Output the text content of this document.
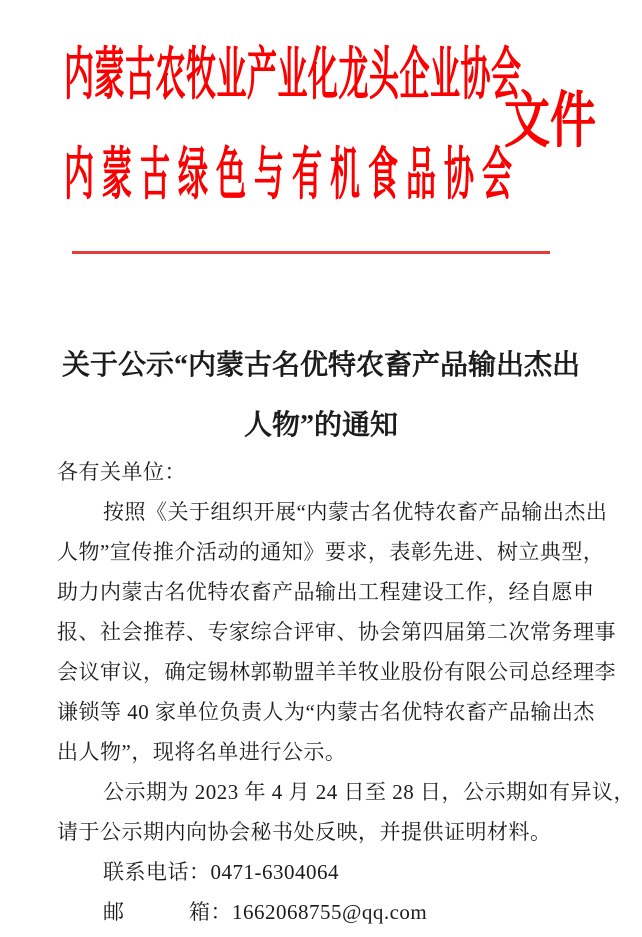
内蒙古农牧业产业化龙头企业协会
内蒙古绿色与有机食品协会
文件
关于公示“内蒙古名优特农畜产品输出杰出
人物”的通知
各有关单位：
按照《关于组织开展“内蒙古名优特农畜产品输出杰出
人物”宣传推介活动的通知》要求，表彰先进、树立典型，
助力内蒙古名优特农畜产品输出工程建设工作，经自愿申
报、社会推荐、专家综合评审、协会第四届第二次常务理事
会议审议，确定锡林郭勒盟羊羊牧业股份有限公司总经理李
谦锁等 40 家单位负责人为“内蒙古名优特农畜产品输出杰
出人物”，现将名单进行公示。
公示期为 2023 年 4 月 24 日至 28 日，公示期如有异议，
请于公示期内向协会秘书处反映，并提供证明材料。
联系电话：0471-6304064
邮　　　箱：1662068755@qq.com
